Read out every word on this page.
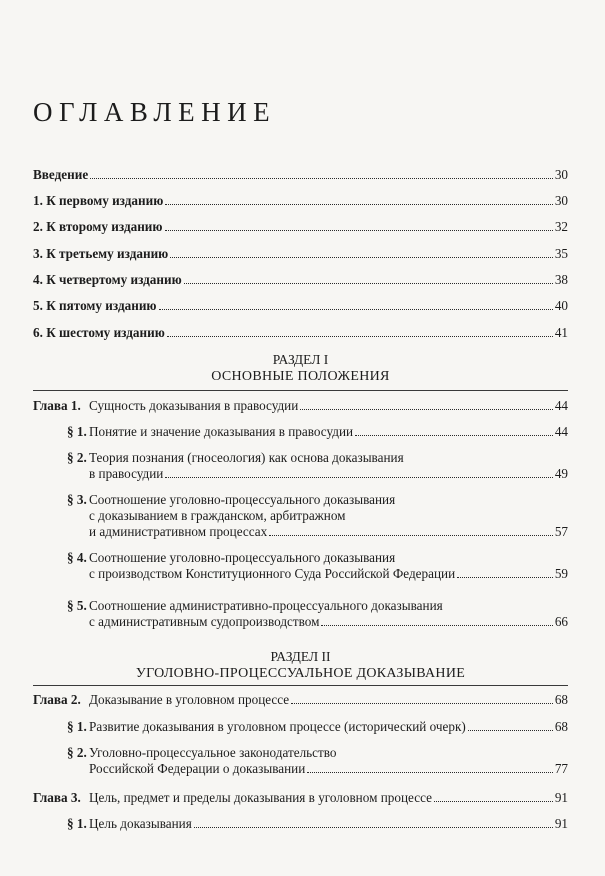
ОГЛАВЛЕНИЕ
Введение	30
1. К первому изданию	30
2. К второму изданию	32
3. К третьему изданию	35
4. К четвертому изданию	38
5. К пятому изданию	40
6. К шестому изданию	41
РАЗДЕЛ I
ОСНОВНЫЕ ПОЛОЖЕНИЯ
Глава 1. Сущность доказывания в правосудии	44
§ 1. Понятие и значение доказывания в правосудии	44
§ 2. Теория познания (гносеология) как основа доказывания
в правосудии	49
§ 3. Соотношение уголовно-процессуального доказывания
с доказыванием в гражданском, арбитражном
и административном процессах	57
§ 4. Соотношение уголовно-процессуального доказывания
с производством Конституционного Суда Российской Федерации	59
§ 5. Соотношение административно-процессуального доказывания
с административным судопроизводством	66
РАЗДЕЛ II
УГОЛОВНО-ПРОЦЕССУАЛЬНОЕ ДОКАЗЫВАНИЕ
Глава 2. Доказывание в уголовном процессе	68
§ 1. Развитие доказывания в уголовном процессе (исторический очерк)	68
§ 2. Уголовно-процессуальное законодательство
Российской Федерации о доказывании	77
Глава 3. Цель, предмет и пределы доказывания в уголовном процессе	91
§ 1. Цель доказывания	91
